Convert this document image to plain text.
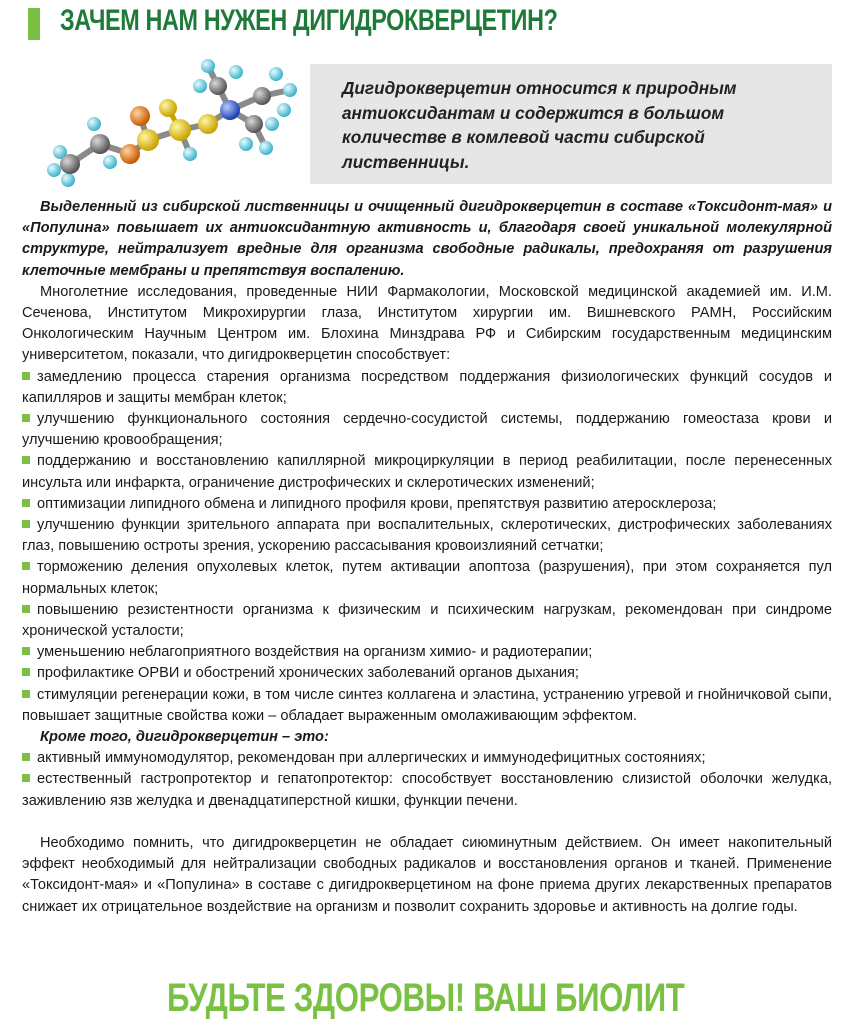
ЗАЧЕМ НАМ НУЖЕН ДИГИДРОКВЕРЦЕТИН?

Дигидрокверцетин относится к природным антиоксидантам и содержится в большом количестве в комлевой части сибирской лиственницы.

Выделенный из сибирской лиственницы и очищенный дигидрокверцетин в составе «Токсидонт-мая» и «Популина» повышает их антиоксидантную активность и, благодаря своей уникальной молекулярной структуре, нейтрализует вредные для организма свободные радикалы, предохраняя от разрушения клеточные мембраны и препятствуя воспалению.

Многолетние исследования, проведенные НИИ Фармакологии, Московской медицинской академией им. И.М. Сеченова, Институтом Микрохирургии глаза, Институтом хирургии им. Вишневского РАМН, Российским Онкологическим Научным Центром им. Блохина Минздрава РФ и Сибирским государственным медицинским университетом, показали, что дигидрокверцетин способствует:

замедлению процесса старения организма посредством поддержания физиологических функций сосудов и капилляров и защиты мембран клеток;
улучшению функционального состояния сердечно-сосудистой системы, поддержанию гомеостаза крови и улучшению кровообращения;
поддержанию и восстановлению капиллярной микроциркуляции в период реабилитации, после перенесенных инсульта или инфаркта, ограничение дистрофических и склеротических изменений;
оптимизации липидного обмена и липидного профиля крови, препятствуя развитию атеросклероза;
улучшению функции зрительного аппарата при воспалительных, склеротических, дистрофических заболеваниях глаз, повышению остроты зрения, ускорению рассасывания кровоизлияний сетчатки;
торможению деления опухолевых клеток, путем активации апоптоза (разрушения), при этом сохраняется пул нормальных клеток;
повышению резистентности организма к физическим и психическим нагрузкам, рекомендован при синдроме хронической усталости;
уменьшению неблагоприятного воздействия на организм химио- и радиотерапии;
профилактике ОРВИ и обострений хронических заболеваний органов дыхания;
стимуляции регенерации кожи, в том числе синтез коллагена и эластина, устранению угревой и гнойничковой сыпи, повышает защитные свойства кожи – обладает выраженным омолаживающим эффектом.

Кроме того, дигидрокверцетин – это:

активный иммуномодулятор, рекомендован при аллергических и иммунодефицитных состояниях;
естественный гастропротектор и гепатопротектор: способствует восстановлению слизистой оболочки желудка, заживлению язв желудка и двенадцатиперстной кишки, функции печени.

Необходимо помнить, что дигидрокверцетин не обладает сиюминутным действием. Он имеет накопительный эффект необходимый для нейтрализации свободных радикалов и восстановления органов и тканей. Применение «Токсидонт-мая» и «Популина» в составе с дигидрокверцетином на фоне приема других лекарственных препаратов снижает их отрицательное воздействие на организм и позволит сохранить здоровье и активность на долгие годы.

БУДЬТЕ ЗДОРОВЫ! ВАШ БИОЛИТ
